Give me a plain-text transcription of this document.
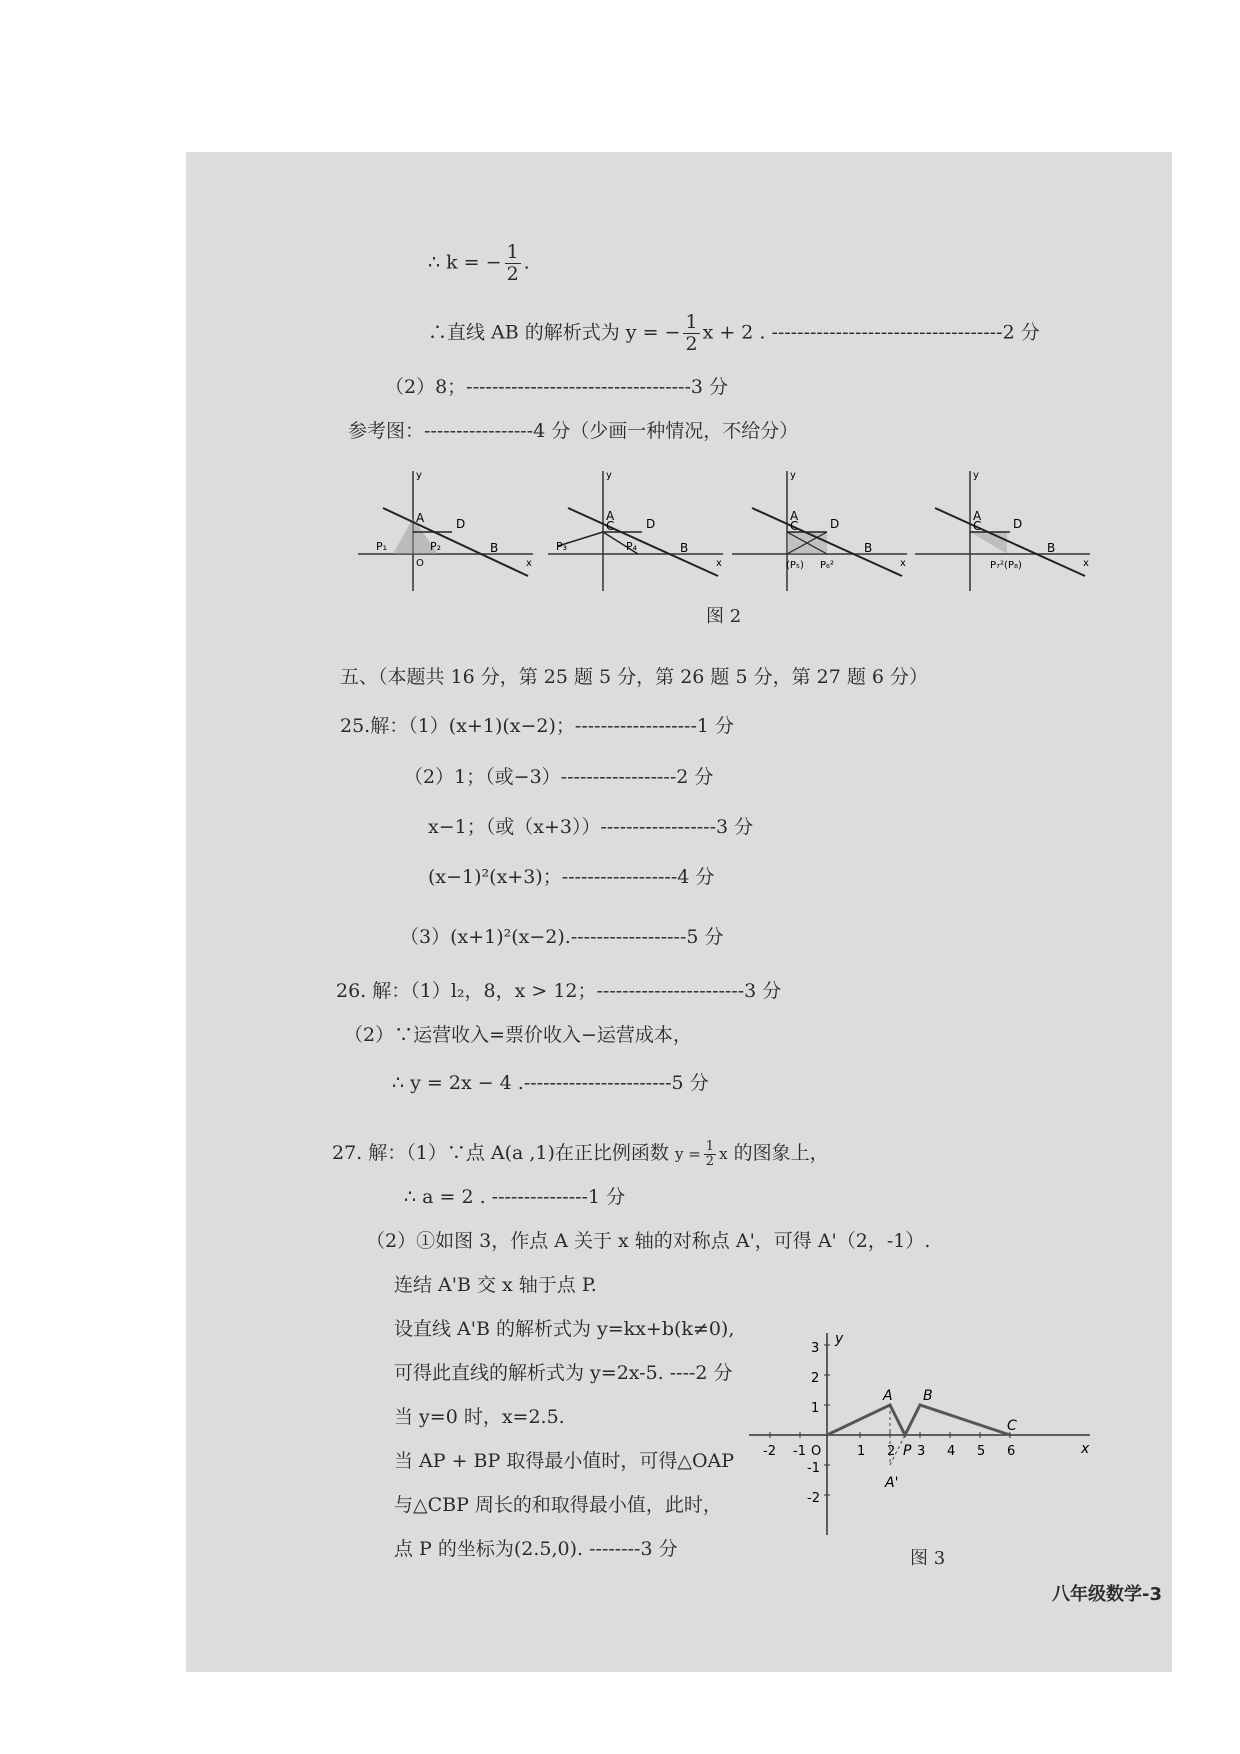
∴ k = − $\frac{1}{2}$ .
∴直线 AB 的解析式为 y = − $\frac{1}{2}$ x + 2 . ------------------------------------2 分
（2）8；-----------------------------------3 分
参考图：-----------------4 分（少画一种情况，不给分）
A	D
B
P₁	P₂
O	x
y
A
C	D
B
P₃	P₄
x
y
A
C	D
B
(P₅) P₆²	x
y
A
C	D
B
P₇²(P₈)	x
y
图 2
五、（本题共 16 分，第 25 题 5 分，第 26 题 5 分，第 27 题 6 分）
25.解：（1）(x+1)(x−2)；-------------------1 分
（2）1；（或−3）------------------2 分
x−1；（或（x+3））------------------3 分
(x−1)²(x+3)；------------------4 分
（3）(x+1)²(x−2).------------------5 分
26. 解：（1）l₂，8，x > 12；-----------------------3 分
（2）∵运营收入=票价收入−运营成本，
∴ y = 2x − 4 .-----------------------5 分
27. 解：（1）∵点 A(a ,1)在正比例函数 $y = \frac{1}{2}$ x 的图象上，
∴ a = 2 . ---------------1 分
（2）①如图 3，作点 A 关于 x 轴的对称点 A'，可得 A'（2，-1）.
连结 A'B 交 x 轴于点 P.
设直线 A'B 的解析式为 y=kx+b(k≠0),
可得此直线的解析式为 y=2x-5. ----2 分
当 y=0 时，x=2.5.
当 AP + BP 取得最小值时，可得△OAP
与△CBP 周长的和取得最小值，此时，
点 P 的坐标为(2.5,0). --------3 分
-2 -1 O	1 2 3 4 5 6
3
2
1
-1
-2
A B
C
P
A'
x
y
图 3
八年级数学-3
